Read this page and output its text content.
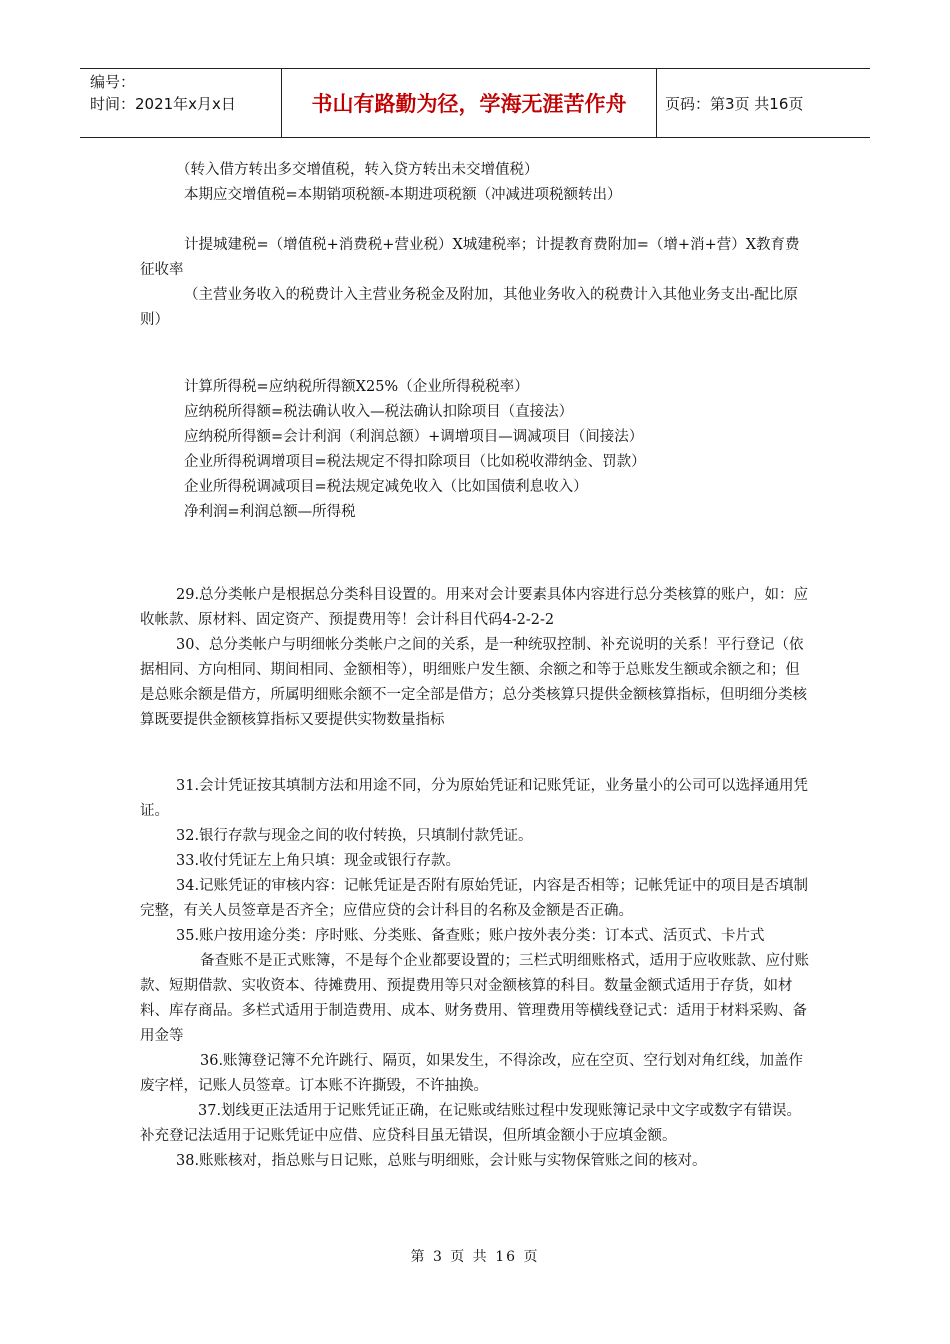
编号：
时间：2021年x月x日	书山有路勤为径，学海无涯苦作舟	页码：第3页 共16页

（转入借方转出多交增值税，转入贷方转出未交增值税）

本期应交增值税=本期销项税额-本期进项税额（冲减进项税额转出）

计提城建税=（增值税+消费税+营业税）X城建税率；计提教育费附加=（增+消+营）X教育费征收率

（主营业务收入的税费计入主营业务税金及附加，其他业务收入的税费计入其他业务支出-配比原则）

计算所得税=应纳税所得额X25%（企业所得税税率）

应纳税所得额=税法确认收入—税法确认扣除项目（直接法）

应纳税所得额=会计利润（利润总额）+调增项目—调减项目（间接法）

企业所得税调增项目=税法规定不得扣除项目（比如税收滞纳金、罚款）

企业所得税调减项目=税法规定减免收入（比如国债利息收入）

净利润=利润总额—所得税

29.总分类帐户是根据总分类科目设置的。用来对会计要素具体内容进行总分类核算的账户，如：应收帐款、原材料、固定资产、预提费用等！会计科目代码4-2-2-2

30、总分类帐户与明细帐分类帐户之间的关系，是一种统驭控制、补充说明的关系！平行登记（依据相同、方向相同、期间相同、金额相等），明细账户发生额、余额之和等于总账发生额或余额之和；但是总账余额是借方，所属明细账余额不一定全部是借方；总分类核算只提供金额核算指标，但明细分类核算既要提供金额核算指标又要提供实物数量指标

31.会计凭证按其填制方法和用途不同，分为原始凭证和记账凭证，业务量小的公司可以选择通用凭证。

32.银行存款与现金之间的收付转换，只填制付款凭证。

33.收付凭证左上角只填：现金或银行存款。

34.记账凭证的审核内容：记帐凭证是否附有原始凭证，内容是否相等；记帐凭证中的项目是否填制完整，有关人员签章是否齐全；应借应贷的会计科目的名称及金额是否正确。

35.账户按用途分类：序时账、分类账、备查账；账户按外表分类：订本式、活页式、卡片式

备查账不是正式账簿，不是每个企业都要设置的；三栏式明细账格式，适用于应收账款、应付账款、短期借款、实收资本、待摊费用、预提费用等只对金额核算的科目。数量金额式适用于存货，如材料、库存商品。多栏式适用于制造费用、成本、财务费用、管理费用等横线登记式：适用于材料采购、备用金等

36.账簿登记簿不允许跳行、隔页，如果发生，不得涂改，应在空页、空行划对角红线，加盖作废字样，记账人员签章。订本账不许撕毁，不许抽换。

37.划线更正法适用于记账凭证正确，在记账或结账过程中发现账簿记录中文字或数字有错误。补充登记法适用于记账凭证中应借、应贷科目虽无错误，但所填金额小于应填金额。

38.账账核对，指总账与日记账，总账与明细账，会计账与实物保管账之间的核对。

第 3 页 共 16 页
